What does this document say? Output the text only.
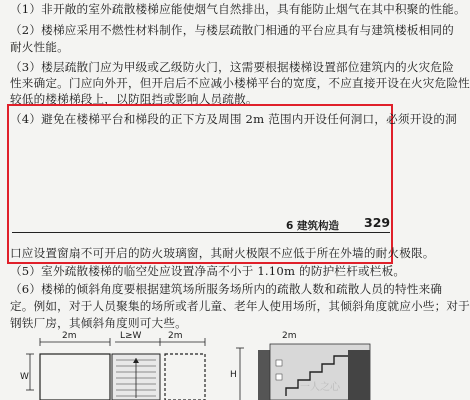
（1）非开敞的室外疏散楼梯应能使烟气自然排出，具有能防止烟气在其中积聚的性能。
（2）楼梯应采用不燃性材料制作，与楼层疏散门相通的平台应具有与建筑楼板相同的
耐火性能。
（3）楼层疏散门应为甲级或乙级防火门，这需要根据楼梯设置部位建筑内的火灾危险
性来确定。门应向外开，但开启后不应减小楼梯平台的宽度，不应直接开设在火灾危险性
较低的楼梯梯段上，以防阻挡或影响人员疏散。
（4）避免在楼梯平台和梯段的正下方及周围 2m 范围内开设任何洞口，必须开设的洞
6 建筑构造 329
口应设置窗扇不可开启的防火玻璃窗，其耐火极限不应低于所在外墙的耐火极限。
（5）室外疏散楼梯的临空处应设置净高不小于 1.10m 的防护栏杆或栏板。
（6）楼梯的倾斜角度要根据建筑场所服务场所内的疏散人数和疏散人员的特性来确
定。例如，对于人员聚集的场所或者儿童、老年人使用场所，其倾斜角度就应小些；对于
钢铁厂房，其倾斜角度则可大些。
2m	L≥W	2m
W
2m
H
一人之心
